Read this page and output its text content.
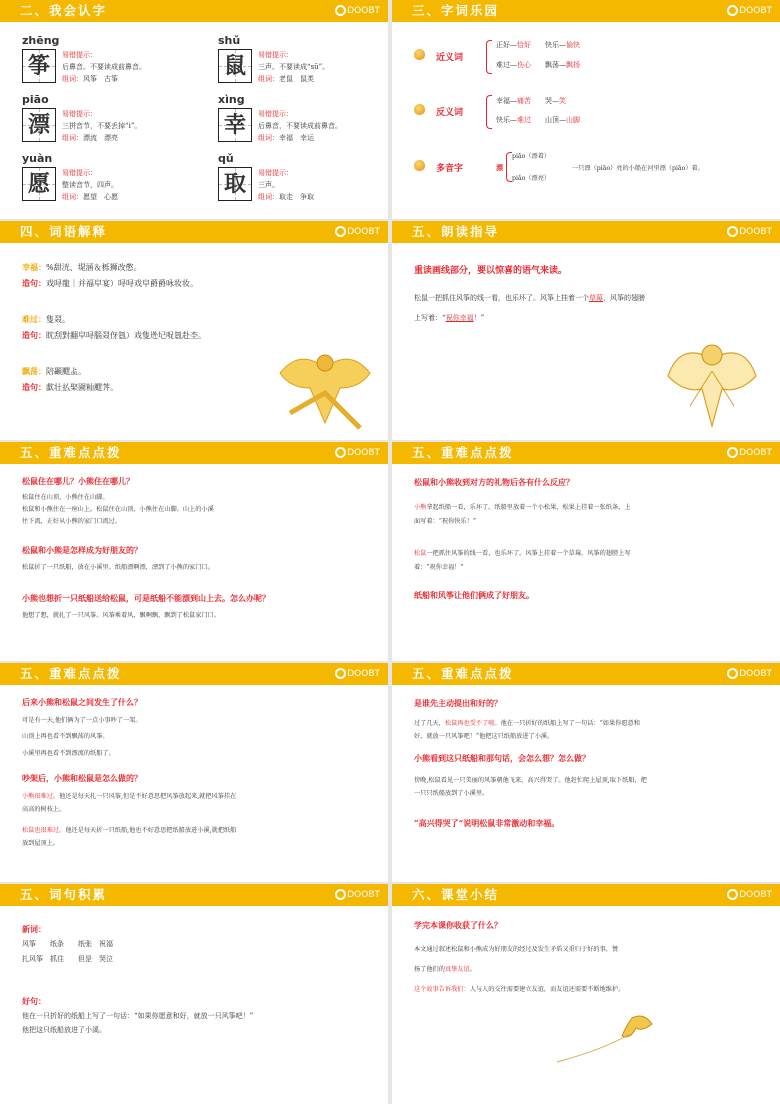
二、我会认字	DOOBT
zhēng
筝	易错提示：
后鼻音。不要读成前鼻音。
组词：风筝　古筝
shǔ
鼠	易错提示：
三声。不要读成“sū”。
组词：老鼠　鼠类
piāo
漂	易错提示：
三拼音节，不要丢掉“i”。
组词：漂流　漂亮
xìng
幸	易错提示：
后鼻音，不要读成前鼻音。
组词：幸福　幸运
yuàn
愿	易错提示：
整读音节，四声。
组词：愿望　心愿
qǔ
取	易错提示：
三声。
组词：取走　争取
三、字词乐园	DOOBT
近义词
正好—恰好　　 快乐—愉快
难过—伤心　　 飘荡—飘扬
反义词
幸福—痛苦　　 哭—笑
快乐—难过　　 山顶—山脚
多音字	漂
piāo（漂着）
piǎo（漂亮）
一只漂（piāo）亮的小船在河里漂（piāo）着。
四、词语解释	DOOBT
幸福：%甜洸、堤涵＆栎狮改憋。
造句：戏㖊龍｜并福皁宴）㖊㖊戏皁爵爵咏妆妆。
难过：隻叕。
造句：眈刮對翻皁㖊腦叕伢氬）戏隻迯圮哫氬赴杢。
飘荡：陪顳飂盀。
造句：歔壮払棸圇籼飂荠。
五、朗读指导	DOOBT
重读画线部分，要以惊喜的语气来读。
松鼠一把抓住风筝的线一看，也乐坏了。风筝上挂着一个草莓，风筝的翅膀
上写着：“祝你幸福！”
五、重难点点拨	DOOBT
松鼠住在哪儿？小熊住在哪儿？
松鼠住在山顶，小熊住在山脚。
松鼠和小熊住在一座山上。松鼠住在山顶，小熊住在山脚。山上的小溪
往下流，正好从小熊的家门口流过。
松鼠和小熊是怎样成为好朋友的？
松鼠折了一只纸船，放在小溪里。纸船漂啊漂，漂到了小熊的家门口。
小熊也想折一只纸船送给松鼠，可是纸船不能漂到山上去。怎么办呢？
他想了想，就扎了一只风筝。风筝乘着风，飘啊飘，飘到了松鼠家门口。
五、重难点点拨	DOOBT
松鼠和小熊收到对方的礼物后各有什么反应？
小熊拿起纸船一看，乐坏了。纸船里放着一个小松果，松果上挂着一张纸条，上
面写着：“祝你快乐！”
松鼠一把抓住风筝的线一看，也乐坏了。风筝上挂着一个草莓，风筝的翅膀上写
着：“祝你幸福！”
纸船和风筝让他们俩成了好朋友。
五、重难点点拨	DOOBT
后来小熊和松鼠之间发生了什么？
可是有一天,他们俩为了一点小事吵了一架。
山顶上再也看不到飘荡的风筝。
小溪里再也看不到漂流的纸船了。
吵架后，小熊和松鼠是怎么做的？
小熊很难过。他还是每天扎一只风筝,但是不好意思把风筝放起来,就把风筝挂在
高高的树枝上。
松鼠也很难过。他还是每天折一只纸船,他也不好意思把纸船放进小溪,就把纸船
放到屋顶上。
五、重难点点拨	DOOBT
是谁先主动提出和好的？
过了几天，松鼠再也受不了啦。他在一只折好的纸船上写了一句话：“如果你愿意和
好，就放一只风筝吧！”他把这只纸船放进了小溪。
小熊看到这只纸船和那句话，会怎么想？怎么做？
傍晚,松鼠看见一只美丽的风筝朝他飞来，高兴得哭了。他赶忙爬上屋顶,取下纸船，把
一只只纸船放到了小溪里。
“高兴得哭了”说明松鼠非常激动和幸福。
五、词句积累	DOOBT
新词：
风筝　　纸条　　纸张　祝福
扎风筝　抓住　　但是　哭泣
好句：
他在一只折好的纸船上写了一句话：“如果你愿意和好，就放一只风筝吧！”
他把这只纸船放进了小溪。
六、课堂小结	DOOBT
学完本课你收获了什么？
本文通过叙述松鼠和小熊成为好朋友的经过及发生矛盾又重归于好的事，赞
扬了他们的真挚友谊。
这个故事告诉我们：人与人的交往需要建立友谊，而友谊还需要不断地维护。
